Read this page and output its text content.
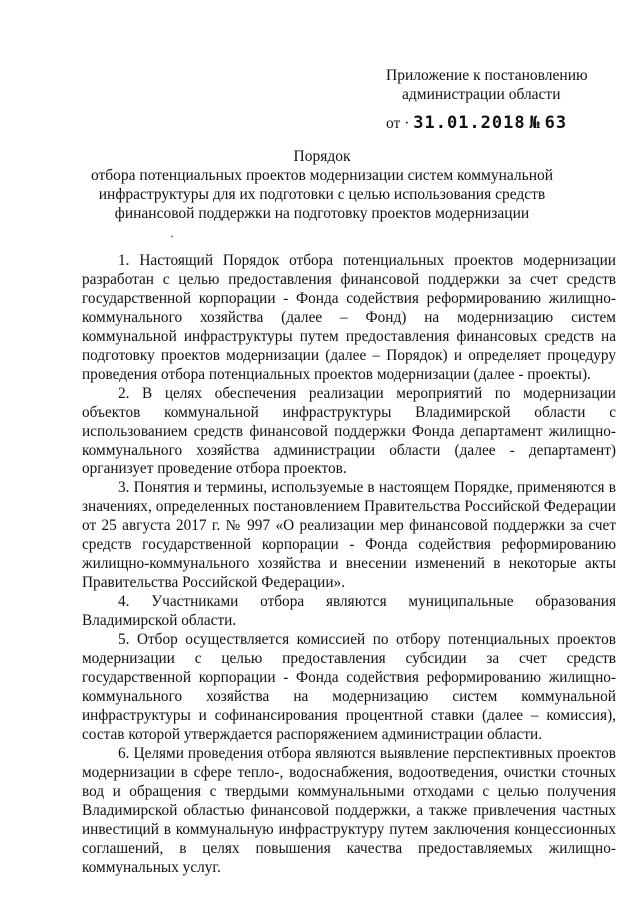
Приложение к постановлению
администрации области
от · 31.01.2018 № 63
Порядок
отбора потенциальных проектов модернизации систем коммунальной инфраструктуры для их подготовки с целью использования средств финансовой поддержки на подготовку проектов модернизации
`

1. Настоящий Порядок отбора потенциальных проектов модернизации разработан с целью предоставления финансовой поддержки за счет средств государственной корпорации - Фонда содействия реформированию жилищно-коммунального хозяйства (далее – Фонд) на модернизацию систем коммунальной инфраструктуры путем предоставления финансовых средств на подготовку проектов модернизации (далее – Порядок) и определяет процедуру проведения отбора потенциальных проектов модернизации (далее - проекты).

2. В целях обеспечения реализации мероприятий по модернизации объектов коммунальной инфраструктуры Владимирской области с использованием средств финансовой поддержки Фонда департамент жилищно-коммунального хозяйства администрации области (далее - департамент) организует проведение отбора проектов.

3. Понятия и термины, используемые в настоящем Порядке, применяются в значениях, определенных постановлением Правительства Российской Федерации от 25 августа 2017 г. № 997 «О реализации мер финансовой поддержки за счет средств государственной корпорации - Фонда содействия реформированию жилищно-коммунального хозяйства и внесении изменений в некоторые акты Правительства Российской Федерации».

4. Участниками отбора являются муниципальные образования Владимирской области.

5. Отбор осуществляется комиссией по отбору потенциальных проектов модернизации с целью предоставления субсидии за счет средств государственной корпорации - Фонда содействия реформированию жилищно-коммунального хозяйства на модернизацию систем коммунальной инфраструктуры и софинансирования процентной ставки (далее – комиссия), состав которой утверждается распоряжением администрации области.

6. Целями проведения отбора являются выявление перспективных проектов модернизации в сфере тепло-, водоснабжения, водоотведения, очистки сточных вод и обращения с твердыми коммунальными отходами с целью получения Владимирской областью финансовой поддержки, а также привлечения частных инвестиций в коммунальную инфраструктуру путем заключения концессионных соглашений, в целях повышения качества предоставляемых жилищно-коммунальных услуг.
